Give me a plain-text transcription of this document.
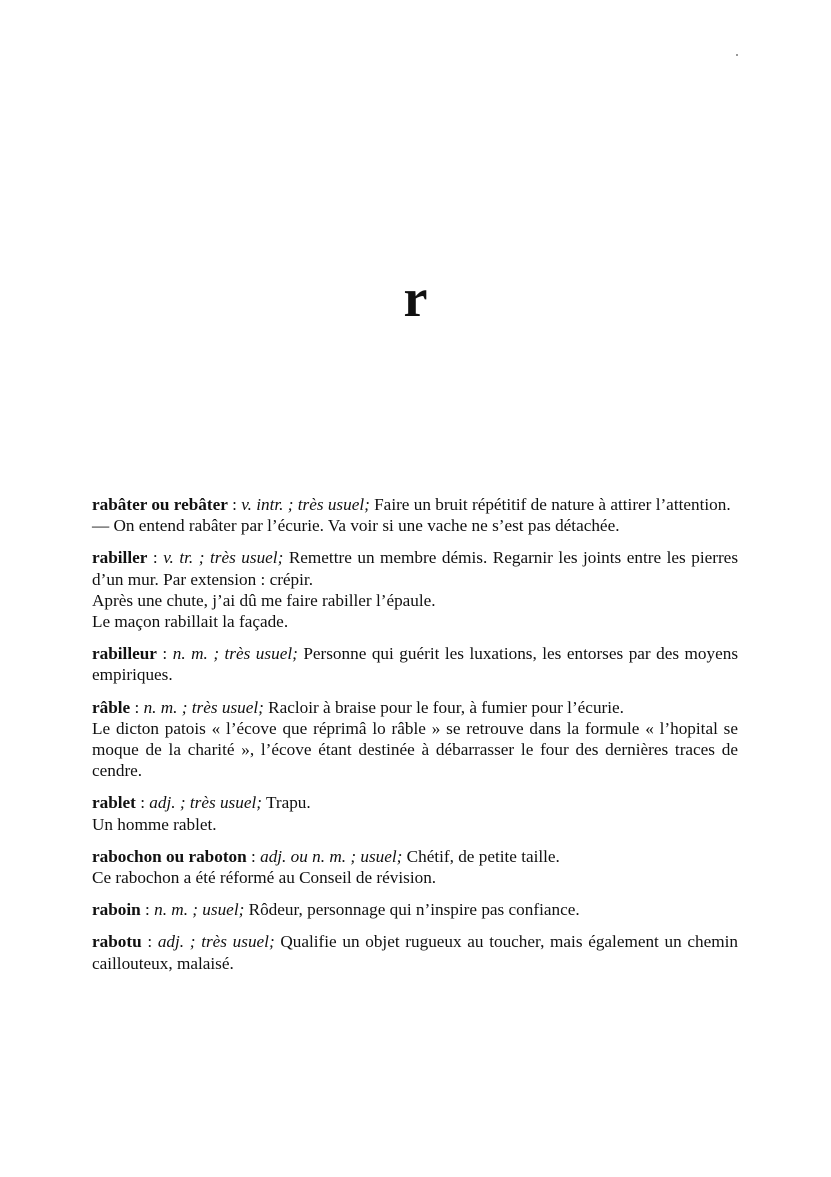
r

rabâter ou rebâter : v. intr. ; très usuel; Faire un bruit répétitif de nature à attirer l’attention.

— On entend rabâter par l’écurie. Va voir si une vache ne s’est pas détachée.

rabiller : v. tr. ; très usuel; Remettre un membre démis. Regarnir les joints entre les pierres d’un mur. Par extension : crépir.

Après une chute, j’ai dû me faire rabiller l’épaule.

Le maçon rabillait la façade.

rabilleur : n. m. ; très usuel; Personne qui guérit les luxations, les entorses par des moyens empiriques.

râble : n. m. ; très usuel; Racloir à braise pour le four, à fumier pour l’écurie.

Le dicton patois « l’écove que réprimâ lo râble » se retrouve dans la formule « l’hopital se moque de la charité », l’écove étant destinée à débarrasser le four des dernières traces de cendre.

rablet : adj. ; très usuel; Trapu.

Un homme rablet.

rabochon ou raboton : adj. ou n. m. ; usuel; Chétif, de petite taille.

Ce rabochon a été réformé au Conseil de révision.

raboin : n. m. ; usuel; Rôdeur, personnage qui n’inspire pas confiance.

rabotu : adj. ; très usuel; Qualifie un objet rugueux au toucher, mais également un chemin caillouteux, malaisé.
